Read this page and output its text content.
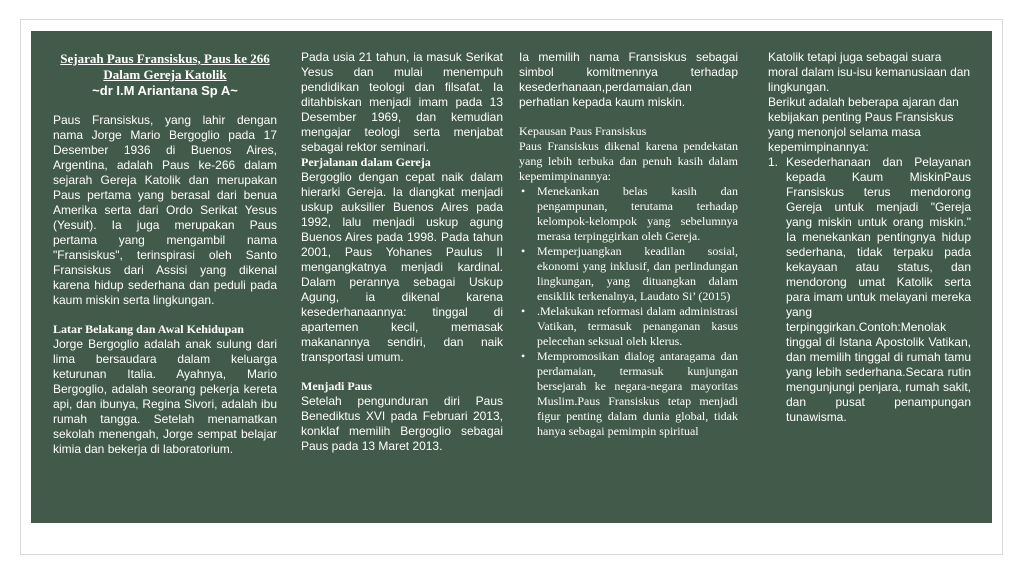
Sejarah Paus Fransiskus, Paus ke 266 Dalam Gereja Katolik
~dr I.M Ariantana Sp A~

Paus Fransiskus, yang lahir dengan nama Jorge Mario Bergoglio pada 17 Desember 1936 di Buenos Aires, Argentina, adalah Paus ke-266 dalam sejarah Gereja Katolik dan merupakan Paus pertama yang berasal dari benua Amerika serta dari Ordo Serikat Yesus (Yesuit). Ia juga merupakan Paus pertama yang mengambil nama "Fransiskus", terinspirasi oleh Santo Fransiskus dari Assisi yang dikenal karena hidup sederhana dan peduli pada kaum miskin serta lingkungan.

Latar Belakang dan Awal Kehidupan

Jorge Bergoglio adalah anak sulung dari lima bersaudara dalam keluarga keturunan Italia. Ayahnya, Mario Bergoglio, adalah seorang pekerja kereta api, dan ibunya, Regina Sivori, adalah ibu rumah tangga. Setelah menamatkan sekolah menengah, Jorge sempat belajar kimia dan bekerja di laboratorium.

Pada usia 21 tahun, ia masuk Serikat Yesus dan mulai menempuh pendidikan teologi dan filsafat. Ia ditahbiskan menjadi imam pada 13 Desember 1969, dan kemudian mengajar teologi serta menjabat sebagai rektor seminari.

Perjalanan dalam Gereja

Bergoglio dengan cepat naik dalam hierarki Gereja. Ia diangkat menjadi uskup auksilier Buenos Aires pada 1992, lalu menjadi uskup agung Buenos Aires pada 1998. Pada tahun 2001, Paus Yohanes Paulus II mengangkatnya menjadi kardinal. Dalam perannya sebagai Uskup Agung, ia dikenal karena kesederhanaannya: tinggal di apartemen kecil, memasak makanannya sendiri, dan naik transportasi umum.

Menjadi Paus

Setelah pengunduran diri Paus Benediktus XVI pada Februari 2013, konklaf memilih Bergoglio sebagai Paus pada 13 Maret 2013.

Ia memilih nama Fransiskus sebagai simbol komitmennya terhadap kesederhanaan,perdamaian,dan perhatian kepada kaum miskin.

Kepausan Paus Fransiskus

Paus Fransiskus dikenal karena pendekatan yang lebih terbuka dan penuh kasih dalam kepemimpinannya:

• Menekankan belas kasih dan pengampunan, terutama terhadap kelompok-kelompok yang sebelumnya merasa terpinggirkan oleh Gereja.
• Memperjuangkan keadilan sosial, ekonomi yang inklusif, dan perlindungan lingkungan, yang dituangkan dalam ensiklik terkenalnya, Laudato Si’ (2015)
• .Melakukan reformasi dalam administrasi Vatikan, termasuk penanganan kasus pelecehan seksual oleh klerus.
• Mempromosikan dialog antaragama dan perdamaian, termasuk kunjungan bersejarah ke negara-negara mayoritas Muslim.Paus Fransiskus tetap menjadi figur penting dalam dunia global, tidak hanya sebagai pemimpin spiritual

Katolik tetapi juga sebagai suara moral dalam isu-isu kemanusiaan dan lingkungan.

Berikut adalah beberapa ajaran dan kebijakan penting Paus Fransiskus yang menonjol selama masa kepemimpinannya:

1. Kesederhanaan dan Pelayanan kepada Kaum MiskinPaus Fransiskus terus mendorong Gereja untuk menjadi "Gereja yang miskin untuk orang miskin." Ia menekankan pentingnya hidup sederhana, tidak terpaku pada kekayaan atau status, dan mendorong umat Katolik serta para imam untuk melayani mereka yang terpinggirkan.Contoh:Menolak tinggal di Istana Apostolik Vatikan, dan memilih tinggal di rumah tamu yang lebih sederhana.Secara rutin mengunjungi penjara, rumah sakit, dan pusat penampungan tunawisma.
